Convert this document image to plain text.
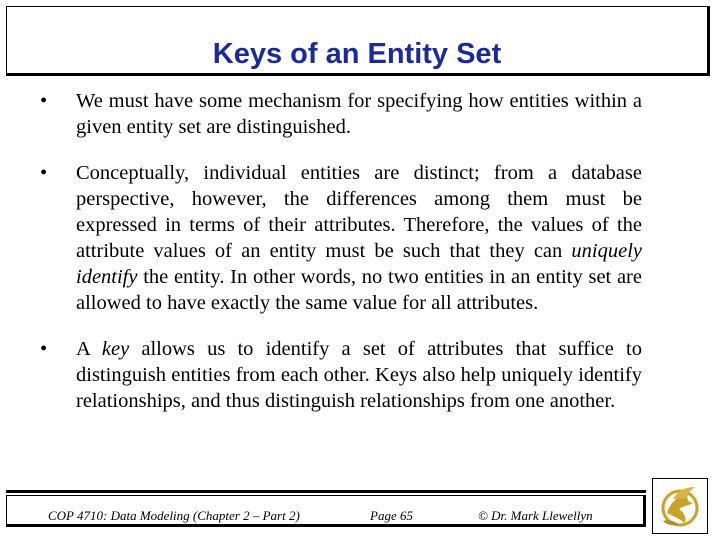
Keys of an Entity Set
• We must have some mechanism for specifying how entities within a given entity set are distinguished.
• Conceptually, individual entities are distinct; from a database perspective, however, the differences among them must be expressed in terms of their attributes. Therefore, the values of the attribute values of an entity must be such that they can uniquely identify the entity. In other words, no two entities in an entity set are allowed to have exactly the same value for all attributes.
• A key allows us to identify a set of attributes that suffice to distinguish entities from each other. Keys also help uniquely identify relationships, and thus distinguish relationships from one another.
COP 4710: Data Modeling (Chapter 2 – Part 2)	Page 65	© Dr. Mark Llewellyn
